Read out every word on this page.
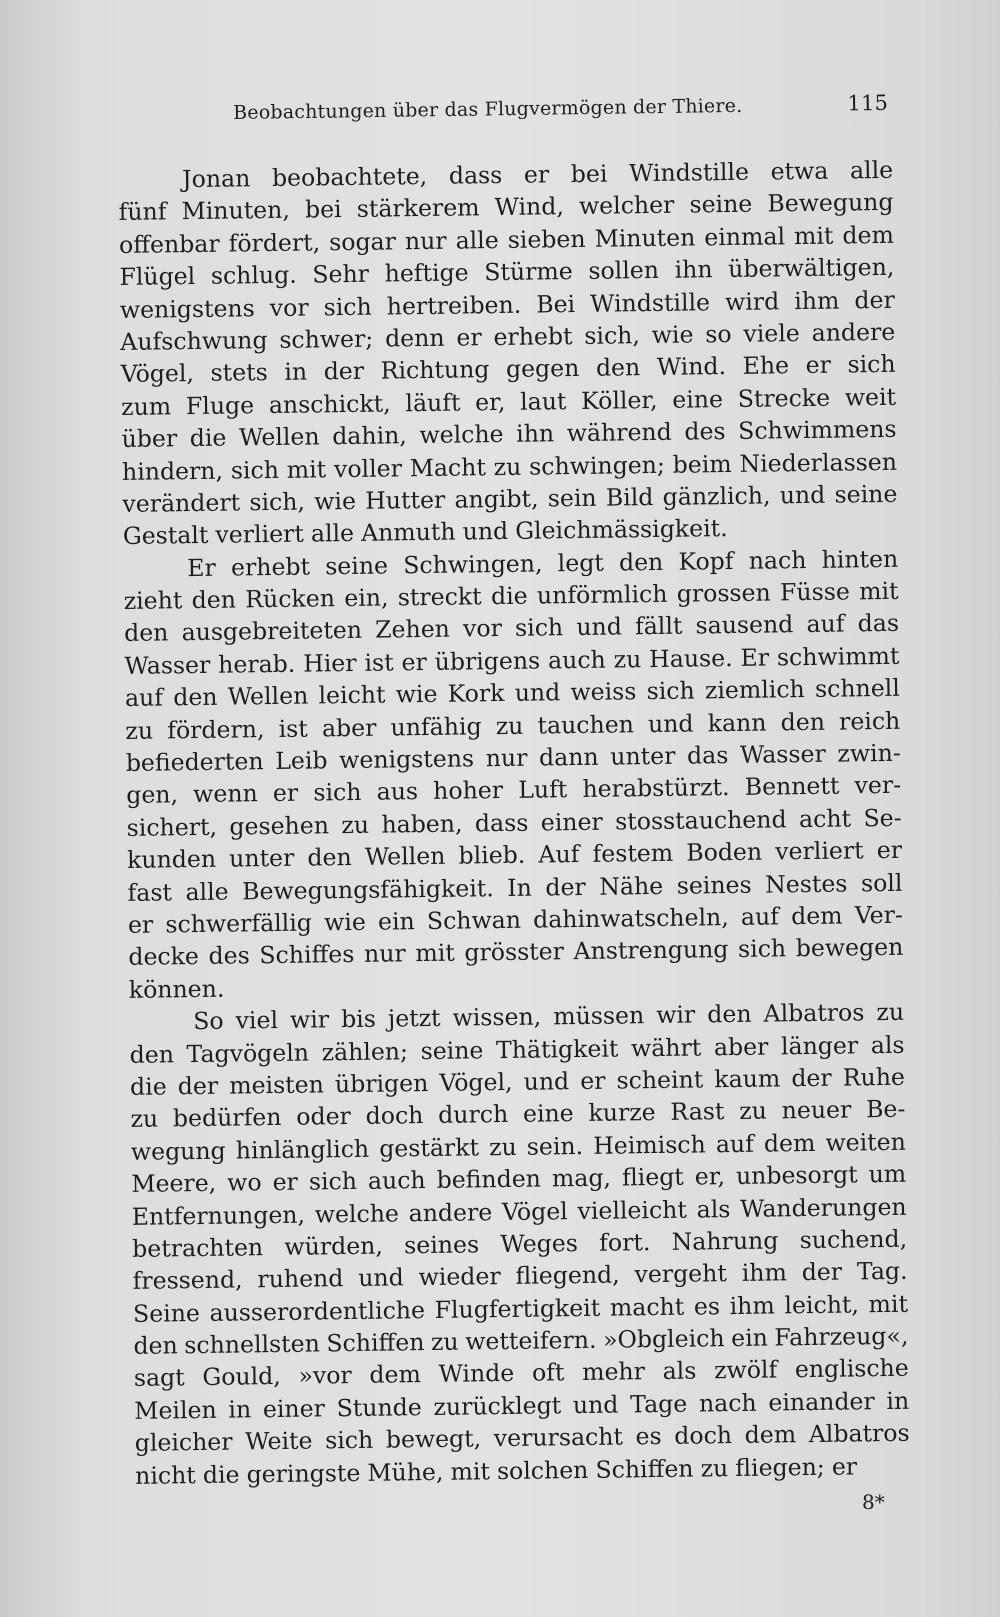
Beobachtungen über das Flugvermögen der Thiere.	115
Jonan beobachtete, dass er bei Windstille etwa alle
fünf Minuten, bei stärkerem Wind, welcher seine Bewegung
offenbar fördert, sogar nur alle sieben Minuten einmal mit dem
Flügel schlug. Sehr heftige Stürme sollen ihn überwältigen,
wenigstens vor sich hertreiben. Bei Windstille wird ihm der
Aufschwung schwer; denn er erhebt sich, wie so viele andere
Vögel, stets in der Richtung gegen den Wind. Ehe er sich
zum Fluge anschickt, läuft er, laut Köller, eine Strecke weit
über die Wellen dahin, welche ihn während des Schwimmens
hindern, sich mit voller Macht zu schwingen; beim Niederlassen
verändert sich, wie Hutter angibt, sein Bild gänzlich, und seine
Gestalt verliert alle Anmuth und Gleichmässigkeit.
Er erhebt seine Schwingen, legt den Kopf nach hinten
zieht den Rücken ein, streckt die unförmlich grossen Füsse mit
den ausgebreiteten Zehen vor sich und fällt sausend auf das
Wasser herab. Hier ist er übrigens auch zu Hause. Er schwimmt
auf den Wellen leicht wie Kork und weiss sich ziemlich schnell
zu fördern, ist aber unfähig zu tauchen und kann den reich
befiederten Leib wenigstens nur dann unter das Wasser zwin-
gen, wenn er sich aus hoher Luft herabstürzt. Bennett ver-
sichert, gesehen zu haben, dass einer stosstauchend acht Se-
kunden unter den Wellen blieb. Auf festem Boden verliert er
fast alle Bewegungsfähigkeit. In der Nähe seines Nestes soll
er schwerfällig wie ein Schwan dahinwatscheln, auf dem Ver-
decke des Schiffes nur mit grösster Anstrengung sich bewegen
können.
So viel wir bis jetzt wissen, müssen wir den Albatros zu
den Tagvögeln zählen; seine Thätigkeit währt aber länger als
die der meisten übrigen Vögel, und er scheint kaum der Ruhe
zu bedürfen oder doch durch eine kurze Rast zu neuer Be-
wegung hinlänglich gestärkt zu sein. Heimisch auf dem weiten
Meere, wo er sich auch befinden mag, fliegt er, unbesorgt um
Entfernungen, welche andere Vögel vielleicht als Wanderungen
betrachten würden, seines Weges fort. Nahrung suchend,
fressend, ruhend und wieder fliegend, vergeht ihm der Tag.
Seine ausserordentliche Flugfertigkeit macht es ihm leicht, mit
den schnellsten Schiffen zu wetteifern. »Obgleich ein Fahrzeug«,
sagt Gould, »vor dem Winde oft mehr als zwölf englische
Meilen in einer Stunde zurücklegt und Tage nach einander in
gleicher Weite sich bewegt, verursacht es doch dem Albatros
nicht die geringste Mühe, mit solchen Schiffen zu fliegen; er
8*
